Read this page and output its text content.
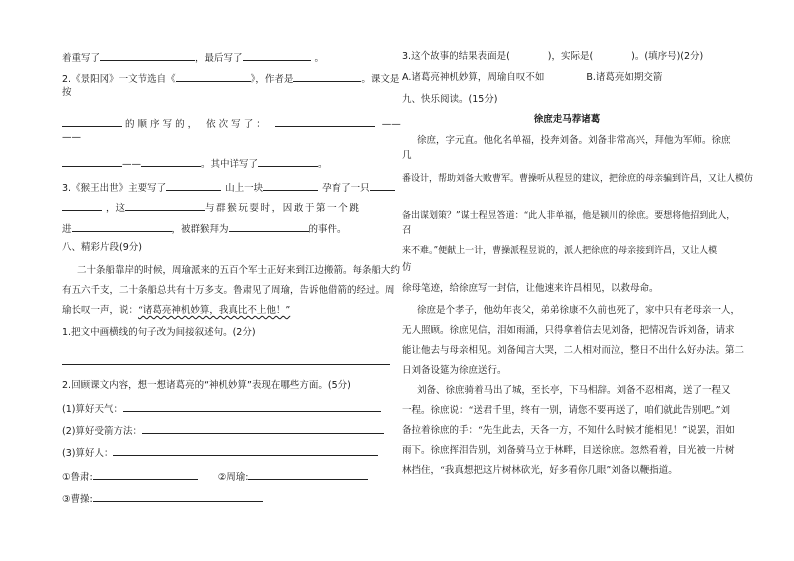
着重写了	，最后写了	。
2.《景阳冈》一文节选自《	》，作者是	。课文是
按
的顺序写的， 依次写了：	——
——
——	。其中详写了	。
3.《猴王出世》主要写了	山上一块	孕育了一只
，这	与群猴玩耍时，因敢于第一个跳
进	，被群猴拜为	的事件。
八、精彩片段(9分)
二十条船靠岸的时候，周瑜派来的五百个军士正好来到江边搬箭。每条船大约
有五六千支，二十条船总共有十万多支。鲁肃见了周瑜，告诉他借箭的经过。周
瑜长叹一声，说：“诸葛亮神机妙算，我真比不上他！”
1.把文中画横线的句子改为间接叙述句。(2分)
2.回顾课文内容，想一想诸葛亮的“神机妙算”表现在哪些方面。(5分)
(1)算好天气：
(2)算好受箭方法：
(3)算好人：
①鲁肃:	②周瑜:
③曹操:
3.这个故事的结果表面是(　　　　)，实际是(　　　　)。(填序号)(2分)
A.诸葛亮神机妙算，周瑜自叹不如	B.诸葛亮如期交箭
九、快乐阅读。(15分)
徐庶走马荐诸葛
徐庶，字元直。他化名单福，投奔刘备。刘备非常高兴，拜他为军师。徐庶
几
番设计，帮助刘备大败曹军。曹操听从程昱的建议，把徐庶的母亲骗到许昌，又让人模仿
备出谋划策？”谋士程昱答道：“此人非单福，他是颍川的徐庶。要想将他招到此人，
召
来不难。”便献上一计，曹操派程昱说的，派人把徐庶的母亲接到许昌，又让人模
仿
徐母笔迹，给徐庶写一封信，让他速来许昌相见，以救母命。
徐庶是个孝子，他幼年丧父，弟弟徐康不久前也死了，家中只有老母亲一人，
无人照顾。徐庶见信，泪如雨涌，只得拿着信去见刘备，把情况告诉刘备，请求
能让他去与母亲相见。刘备闻言大哭，二人相对而泣，整日不出什么好办法。第二
日刘备设筵为徐庶送行。
刘备、徐庶骑着马出了城，至长亭，下马相辞。刘备不忍相离，送了一程又
一程。徐庶说：“送君千里，终有一别，请您不要再送了，咱们就此告别吧。”刘
备拉着徐庶的手：“先生此去，天各一方，不知什么时候才能相见！”说罢，泪如
雨下。徐庶挥泪告别，刘备骑马立于林畔，目送徐庶。忽然看着，目光被一片树
林挡住，“我真想把这片树林砍光，好多看你几眼”刘备以鞭指道。
